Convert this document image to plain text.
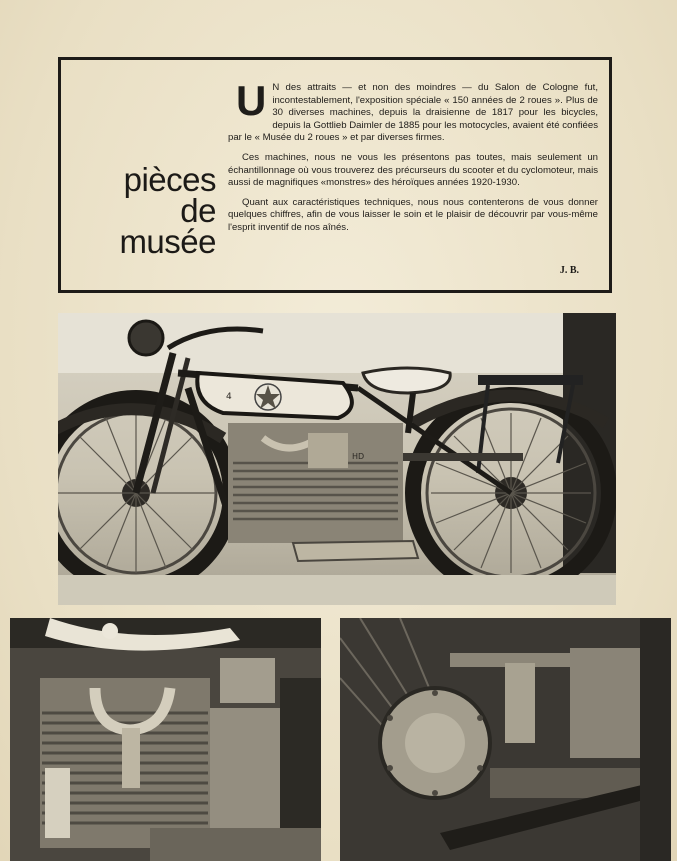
pièces
de
musée

U N des attraits — et non des moindres — du Salon de Cologne fut, incontestablement, l'exposition spéciale « 150 années de 2 roues ». Plus de 30 diverses machines, depuis la draisienne de 1817 pour les bicycles, depuis la Gottlieb Daimler de 1885 pour les motocycles, avaient été confiées par le « Musée du 2 roues » et par diverses firmes.

Ces machines, nous ne vous les présentons pas toutes, mais seulement un échantillonnage où vous trouverez des précurseurs du scooter et du cyclomoteur, mais aussi de magnifiques «monstres» des héroïques années 1920-1930.

Quant aux caractéristiques techniques, nous nous contenterons de vous donner quelques chiffres, afin de vous laisser le soin et le plaisir de découvrir par vous-même l'esprit inventif de nos aînés.

J. B.
4
HD
